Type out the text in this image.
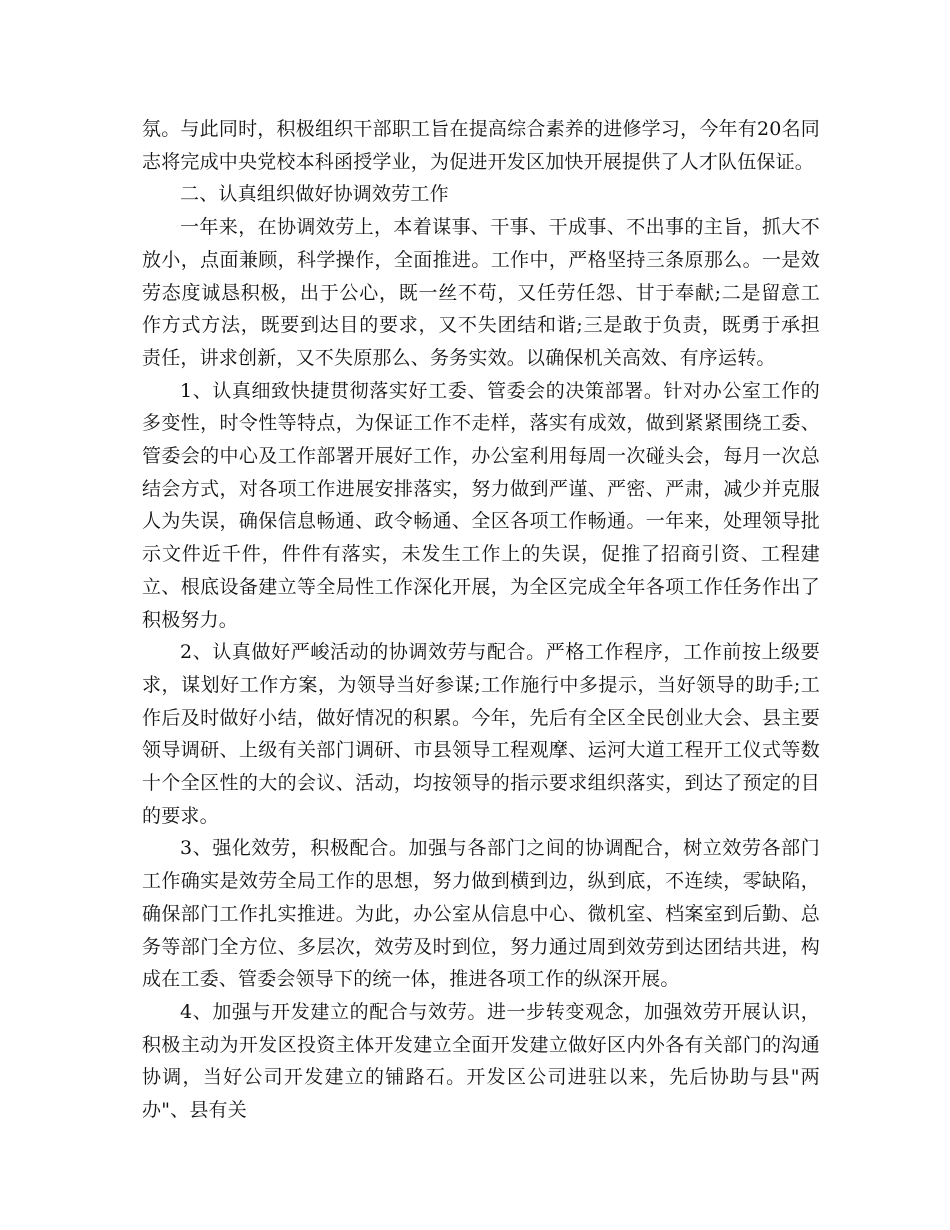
氛。与此同时，积极组织干部职工旨在提高综合素养的进修学习，今年有20名同志将完成中央党校本科函授学业，为促进开发区加快开展提供了人才队伍保证。

二、认真组织做好协调效劳工作

一年来，在协调效劳上，本着谋事、干事、干成事、不出事的主旨，抓大不放小，点面兼顾，科学操作，全面推进。工作中，严格坚持三条原那么。一是效劳态度诚恳积极，出于公心，既一丝不苟，又任劳任怨、甘于奉献;二是留意工作方式方法，既要到达目的要求，又不失团结和谐;三是敢于负责，既勇于承担责任，讲求创新，又不失原那么、务务实效。以确保机关高效、有序运转。

1、认真细致快捷贯彻落实好工委、管委会的决策部署。针对办公室工作的多变性，时令性等特点，为保证工作不走样，落实有成效，做到紧紧围绕工委、管委会的中心及工作部署开展好工作，办公室利用每周一次碰头会，每月一次总结会方式，对各项工作进展安排落实，努力做到严谨、严密、严肃，减少并克服人为失误，确保信息畅通、政令畅通、全区各项工作畅通。一年来，处理领导批示文件近千件，件件有落实，未发生工作上的失误，促推了招商引资、工程建立、根底设备建立等全局性工作深化开展，为全区完成全年各项工作任务作出了积极努力。

2、认真做好严峻活动的协调效劳与配合。严格工作程序，工作前按上级要求，谋划好工作方案，为领导当好参谋;工作施行中多提示，当好领导的助手;工作后及时做好小结，做好情况的积累。今年，先后有全区全民创业大会、县主要领导调研、上级有关部门调研、市县领导工程观摩、运河大道工程开工仪式等数十个全区性的大的会议、活动，均按领导的指示要求组织落实，到达了预定的目的要求。

3、强化效劳，积极配合。加强与各部门之间的协调配合，树立效劳各部门工作确实是效劳全局工作的思想，努力做到横到边，纵到底，不连续，零缺陷，确保部门工作扎实推进。为此，办公室从信息中心、微机室、档案室到后勤、总务等部门全方位、多层次，效劳及时到位，努力通过周到效劳到达团结共进，构成在工委、管委会领导下的统一体，推进各项工作的纵深开展。

4、加强与开发建立的配合与效劳。进一步转变观念，加强效劳开展认识，积极主动为开发区投资主体开发建立全面开发建立做好区内外各有关部门的沟通协调，当好公司开发建立的铺路石。开发区公司进驻以来，先后协助与县"两办"、县有关
